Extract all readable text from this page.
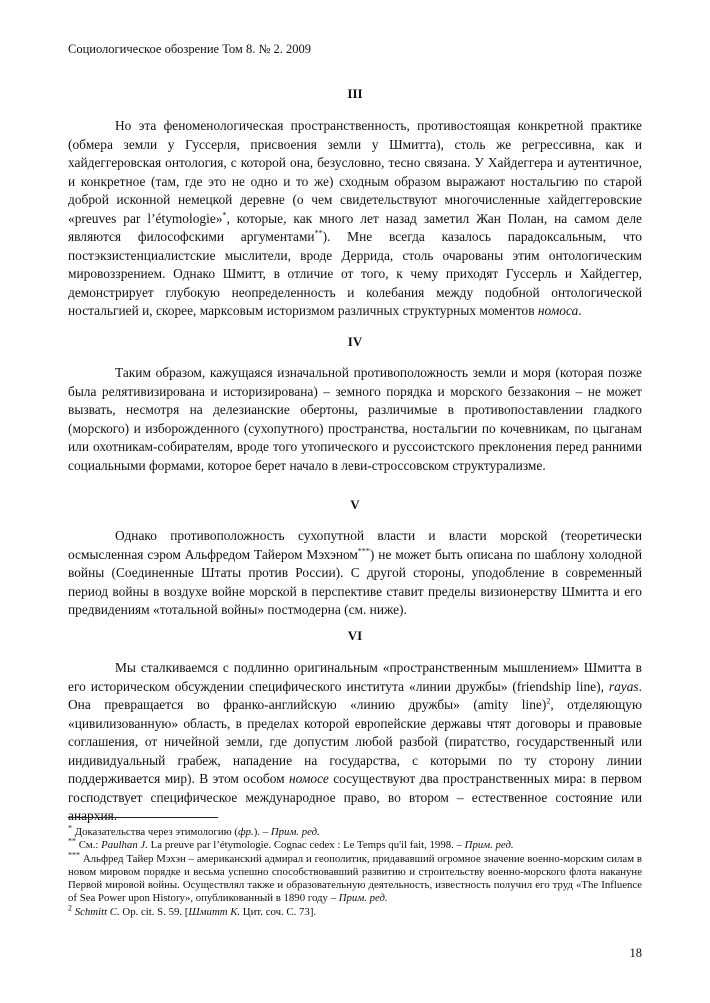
Социологическое обозрение Том 8. № 2. 2009
III
Но эта феноменологическая пространственность, противостоящая конкретной практике (обмера земли у Гуссерля, присвоения земли у Шмитта), столь же регрессивна, как и хайдеггеровская онтология, с которой она, безусловно, тесно связана. У Хайдеггера и аутентичное, и конкретное (там, где это не одно и то же) сходным образом выражают ностальгию по старой доброй исконной немецкой деревне (о чем свидетельствуют многочисленные хайдеггеровские «preuves par l’étymologie»*, которые, как много лет назад заметил Жан Полан, на самом деле являются философскими аргументами**). Мне всегда казалось парадоксальным, что постэкзистенциалистские мыслители, вроде Деррида, столь очарованы этим онтологическим мировоззрением. Однако Шмитт, в отличие от того, к чему приходят Гуссерль и Хайдеггер, демонстрирует глубокую неопределенность и колебания между подобной онтологической ностальгией и, скорее, марксовым историзмом различных структурных моментов номоса.
IV
Таким образом, кажущаяся изначальной противоположность земли и моря (которая позже была релятивизирована и историзирована) – земного порядка и морского беззакония – не может вызвать, несмотря на делезианские обертоны, различимые в противопоставлении гладкого (морского) и изборожденного (сухопутного) пространства, ностальгии по кочевникам, по цыганам или охотникам-собирателям, вроде того утопического и руссоистского преклонения перед ранними социальными формами, которое берет начало в леви-строссовском структурализме.
V
Однако противоположность сухопутной власти и власти морской (теоретически осмысленная сэром Альфредом Тайером Мэхэном***) не может быть описана по шаблону холодной войны (Соединенные Штаты против России). С другой стороны, уподобление в современный период войны в воздухе войне морской в перспективе ставит пределы визионерству Шмитта и его предвидениям «тотальной войны» постмодерна (см. ниже).
VI
Мы сталкиваемся с подлинно оригинальным «пространственным мышлением» Шмитта в его историческом обсуждении специфического института «линии дружбы» (friendship line), rayas. Она превращается во франко-английскую «линию дружбы» (amity line)$^2$, отделяющую «цивилизованную» область, в пределах которой европейские державы чтят договоры и правовые соглашения, от ничейной земли, где допустим любой разбой (пиратство, государственный или индивидуальный грабеж, нападение на государства, с которыми по ту сторону линии поддерживается мир). В этом особом номосе сосуществуют два пространственных мира: в первом господствует специфическое международное право, во втором – естественное состояние или анархия.

* Доказательства через этимологию (фр.). – Прим. ред.

** См.: Paulhan J. La preuve par l’étymologie. Cognac cedex : Le Temps qu'il fait, 1998. – Прим. ред.

*** Альфред Тайер Мэхэн – американский адмирал и геополитик, придававший огромное значение военно-морским силам в новом мировом порядке и весьма успешно способствовавший развитию и строительству военно-морского флота накануне Первой мировой войны. Осуществлял также и образовательную деятельность, известность получил его труд «The Influence of Sea Power upon History», опубликованный в 1890 году – Прим. ред.

$^2$ Schmitt C. Op. cit. S. 59. [Шмитт К. Цит. соч. С. 73].

18
